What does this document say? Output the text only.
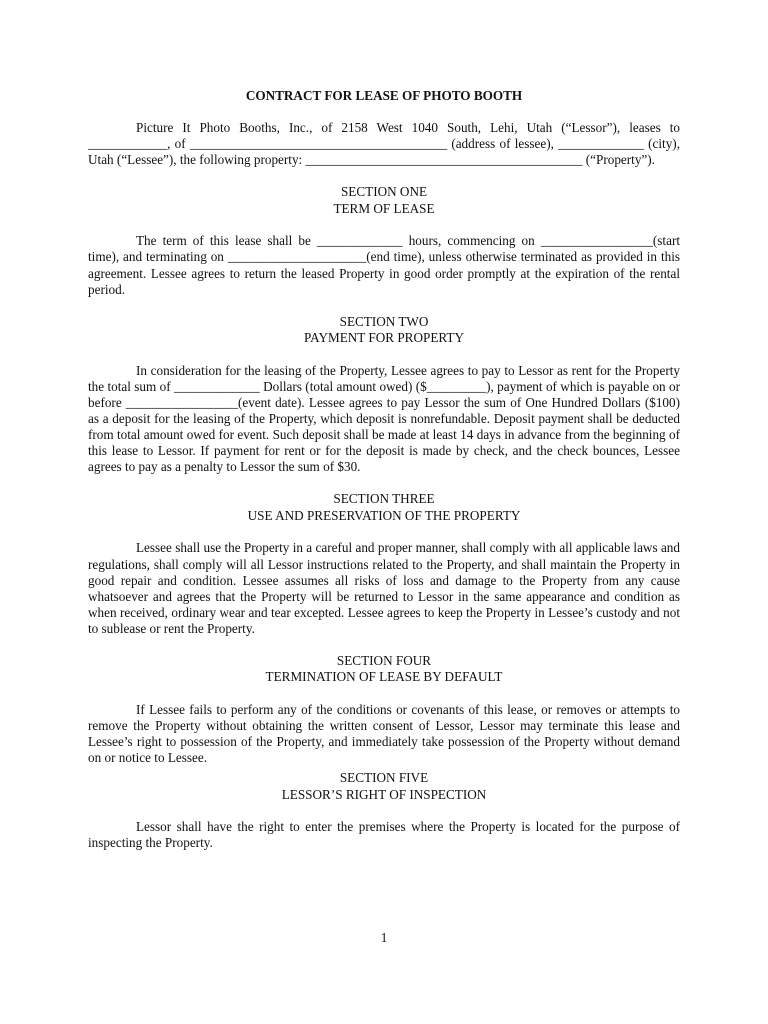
CONTRACT FOR LEASE OF PHOTO BOOTH
Picture It Photo Booths, Inc., of 2158 West 1040 South, Lehi, Utah (“Lessor”), leases to ____________, of _______________________________________ (address of lessee), _____________ (city), Utah (“Lessee”), the following property: __________________________________________ (“Property”).
SECTION ONE
TERM OF LEASE
The term of this lease shall be _____________ hours, commencing on _________________(start time), and terminating on _____________________(end time), unless otherwise terminated as provided in this agreement. Lessee agrees to return the leased Property in good order promptly at the expiration of the rental period.
SECTION TWO
PAYMENT FOR PROPERTY
In consideration for the leasing of the Property, Lessee agrees to pay to Lessor as rent for the Property the total sum of _____________ Dollars (total amount owed) ($_________), payment of which is payable on or before _________________(event date). Lessee agrees to pay Lessor the sum of One Hundred Dollars ($100) as a deposit for the leasing of the Property, which deposit is nonrefundable. Deposit payment shall be deducted from total amount owed for event. Such deposit shall be made at least 14 days in advance from the beginning of this lease to Lessor. If payment for rent or for the deposit is made by check, and the check bounces, Lessee agrees to pay as a penalty to Lessor the sum of $30.
SECTION THREE
USE AND PRESERVATION OF THE PROPERTY
Lessee shall use the Property in a careful and proper manner, shall comply with all applicable laws and regulations, shall comply will all Lessor instructions related to the Property, and shall maintain the Property in good repair and condition. Lessee assumes all risks of loss and damage to the Property from any cause whatsoever and agrees that the Property will be returned to Lessor in the same appearance and condition as when received, ordinary wear and tear excepted. Lessee agrees to keep the Property in Lessee’s custody and not to sublease or rent the Property.
SECTION FOUR
TERMINATION OF LEASE BY DEFAULT
If Lessee fails to perform any of the conditions or covenants of this lease, or removes or attempts to remove the Property without obtaining the written consent of Lessor, Lessor may terminate this lease and Lessee’s right to possession of the Property, and immediately take possession of the Property without demand on or notice to Lessee.
SECTION FIVE
LESSOR’S RIGHT OF INSPECTION
Lessor shall have the right to enter the premises where the Property is located for the purpose of inspecting the Property.
1
